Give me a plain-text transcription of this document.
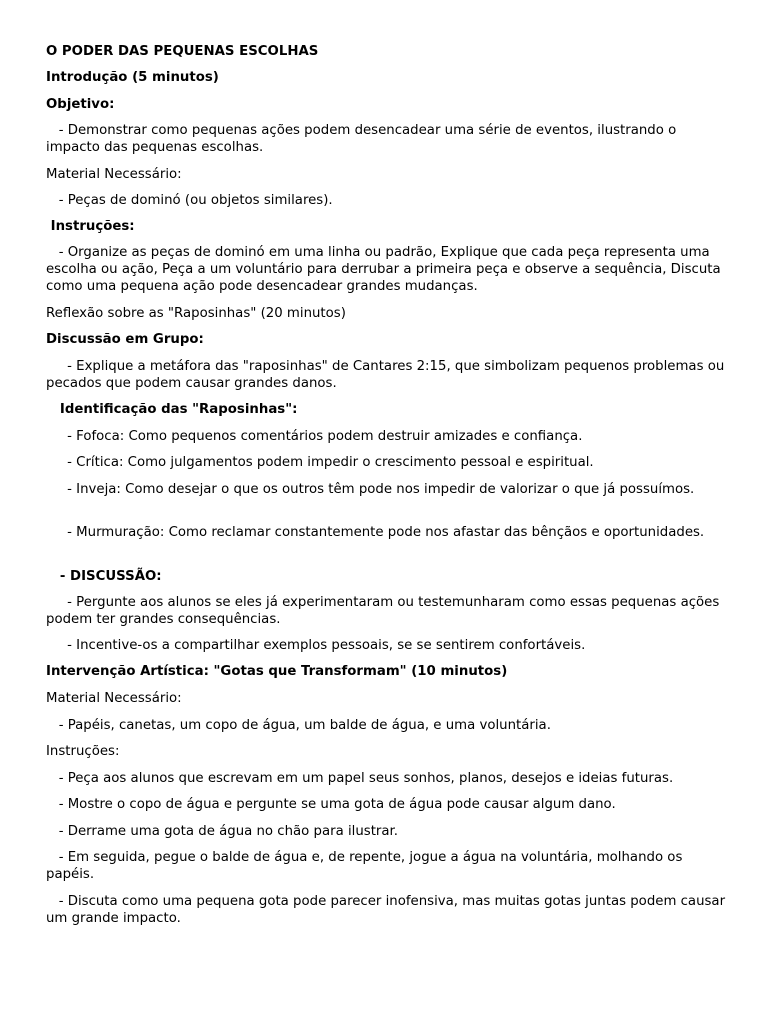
O PODER DAS PEQUENAS ESCOLHAS

Introdução (5 minutos)

Objetivo:

- Demonstrar como pequenas ações podem desencadear uma série de eventos, ilustrando o impacto das pequenas escolhas.

Material Necessário:

- Peças de dominó (ou objetos similares).

Instruções:

- Organize as peças de dominó em uma linha ou padrão, Explique que cada peça representa uma escolha ou ação, Peça a um voluntário para derrubar a primeira peça e observe a sequência, Discuta como uma pequena ação pode desencadear grandes mudanças.

Reflexão sobre as "Raposinhas" (20 minutos)

Discussão em Grupo:

- Explique a metáfora das "raposinhas" de Cantares 2:15, que simbolizam pequenos problemas ou pecados que podem causar grandes danos.

Identificação das "Raposinhas":

- Fofoca: Como pequenos comentários podem destruir amizades e confiança.

- Crítica: Como julgamentos podem impedir o crescimento pessoal e espiritual.

- Inveja: Como desejar o que os outros têm pode nos impedir de valorizar o que já possuímos.

- Murmuração: Como reclamar constantemente pode nos afastar das bênçãos e oportunidades.

- DISCUSSÃO:

- Pergunte aos alunos se eles já experimentaram ou testemunharam como essas pequenas ações podem ter grandes consequências.

- Incentive-os a compartilhar exemplos pessoais, se se sentirem confortáveis.

Intervenção Artística: "Gotas que Transformam" (10 minutos)

Material Necessário:

- Papéis, canetas, um copo de água, um balde de água, e uma voluntária.

Instruções:

- Peça aos alunos que escrevam em um papel seus sonhos, planos, desejos e ideias futuras.

- Mostre o copo de água e pergunte se uma gota de água pode causar algum dano.

- Derrame uma gota de água no chão para ilustrar.

- Em seguida, pegue o balde de água e, de repente, jogue a água na voluntária, molhando os papéis.

- Discuta como uma pequena gota pode parecer inofensiva, mas muitas gotas juntas podem causar um grande impacto.
